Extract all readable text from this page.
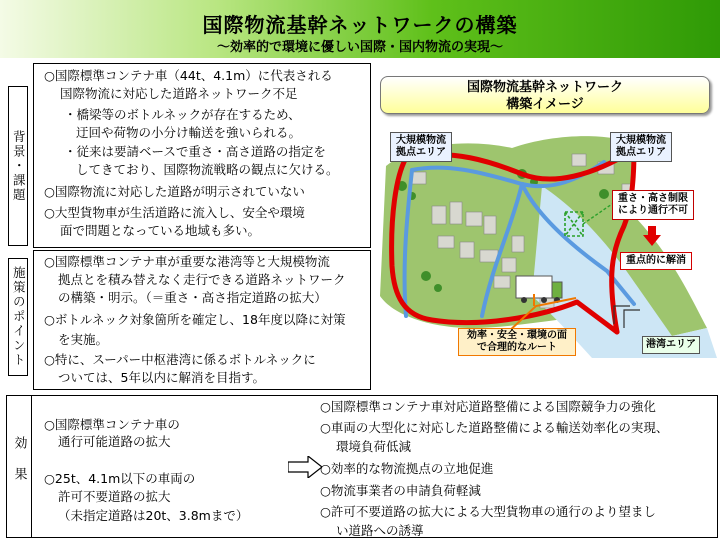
国際物流基幹ネットワークの構築
～効率的で環境に優しい国際・国内物流の実現～
背景・課題
○国際標準コンテナ車（44t、4.1m）に代表される
国際物流に対応した道路ネットワーク不足
・橋梁等のボトルネックが存在するため、
迂回や荷物の小分け輸送を強いられる。
・従来は要請ベースで重さ・高さ道路の指定を
してきており、国際物流戦略の観点に欠ける。
○国際物流に対応した道路が明示されていない
○大型貨物車が生活道路に流入し、安全や環境
面で問題となっている地域も多い。
施策のポイント
○国際標準コンテナ車が重要な港湾等と大規模物流
拠点とを積み替えなく走行できる道路ネットワーク
の構築・明示。（＝重さ・高さ指定道路の拡大）
○ボトルネック対象箇所を確定し、18年度以降に対策
を実施。
○特に、スーパー中枢港湾に係るボトルネックに
ついては、5年以内に解消を目指す。
効果
○国際標準コンテナ車の
通行可能道路の拡大
○25t、4.1m以下の車両の
許可不要道路の拡大
（未指定道路は20t、3.8mまで）
○国際標準コンテナ車対応道路整備による国際競争力の強化
○車両の大型化に対応した道路整備による輸送効率化の実現、
環境負荷低減
○効率的な物流拠点の立地促進
○物流事業者の申請負荷軽減
○許可不要道路の拡大による大型貨物車の通行のより望まし
い道路への誘導
国際物流基幹ネットワーク
構築イメージ
大規模物流
拠点エリア
大規模物流
拠点エリア
重さ・高さ制限
により通行不可
重点的に解消
効率・安全・環境の面
で合理的なルート	港湾エリア
